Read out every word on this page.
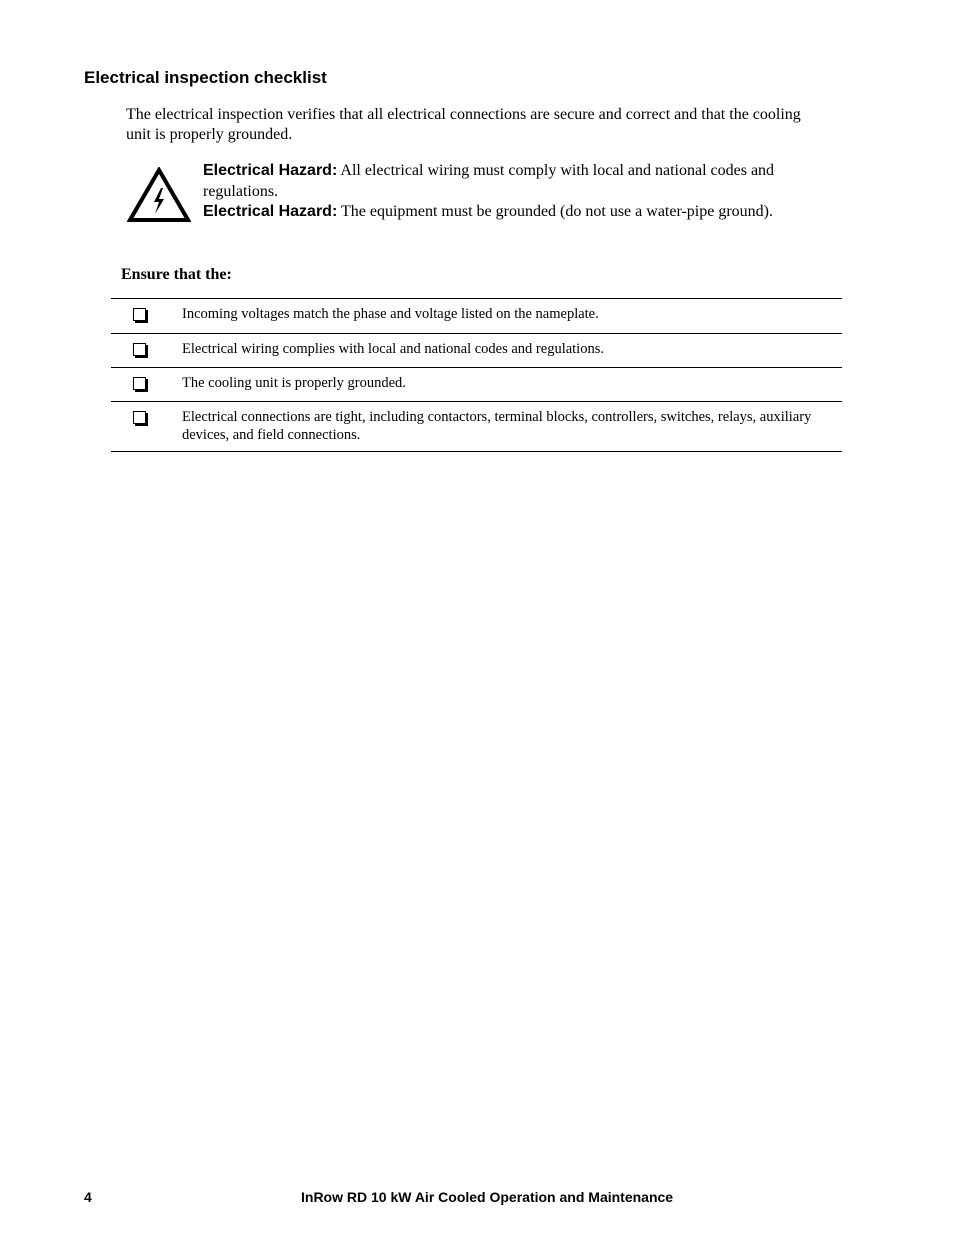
Electrical inspection checklist

The electrical inspection verifies that all electrical connections are secure and correct and that the cooling unit is properly grounded.

Electrical Hazard: All electrical wiring must comply with local and national codes and regulations.

Electrical Hazard: The equipment must be grounded (do not use a water-pipe ground).

Ensure that the:

Incoming voltages match the phase and voltage listed on the nameplate.
Electrical wiring complies with local and national codes and regulations.
The cooling unit is properly grounded.
Electrical connections are tight, including contactors, terminal blocks, controllers, switches, relays, auxiliary devices, and field connections.
4	InRow RD 10 kW Air Cooled Operation and Maintenance
